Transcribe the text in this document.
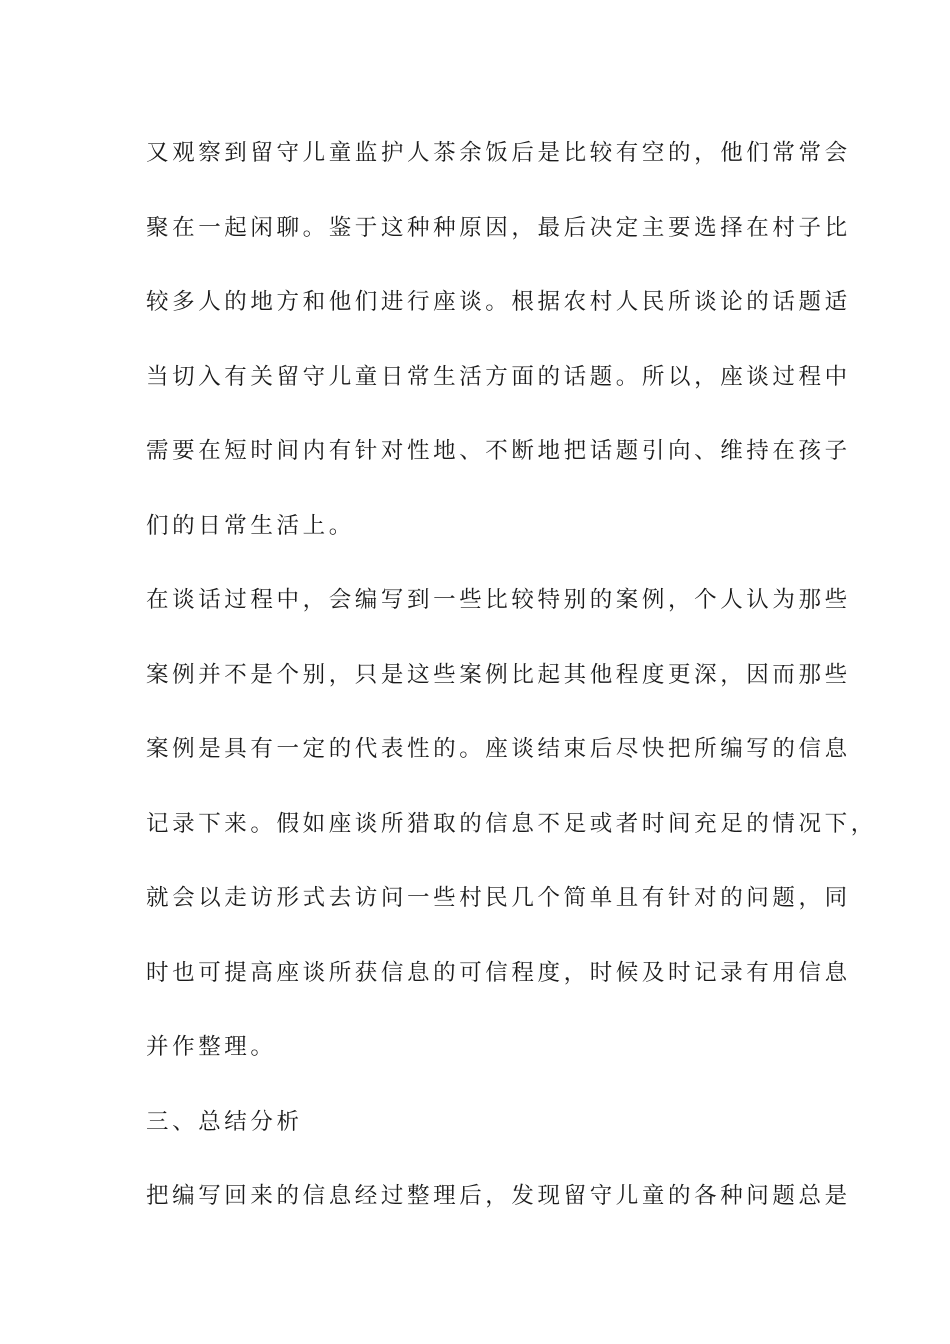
又观察到留守儿童监护人茶余饭后是比较有空的，他们常常会
聚在一起闲聊。鉴于这种种原因，最后决定主要选择在村子比
较多人的地方和他们进行座谈。根据农村人民所谈论的话题适
当切入有关留守儿童日常生活方面的话题。所以，座谈过程中
需要在短时间内有针对性地、不断地把话题引向、维持在孩子
们的日常生活上。
在谈话过程中，会编写到一些比较特别的案例，个人认为那些
案例并不是个别，只是这些案例比起其他程度更深，因而那些
案例是具有一定的代表性的。座谈结束后尽快把所编写的信息
记录下来。假如座谈所猎取的信息不足或者时间充足的情况下，
就会以走访形式去访问一些村民几个简单且有针对的问题，同
时也可提高座谈所获信息的可信程度，时候及时记录有用信息
并作整理。
三、总结分析
把编写回来的信息经过整理后，发现留守儿童的各种问题总是
